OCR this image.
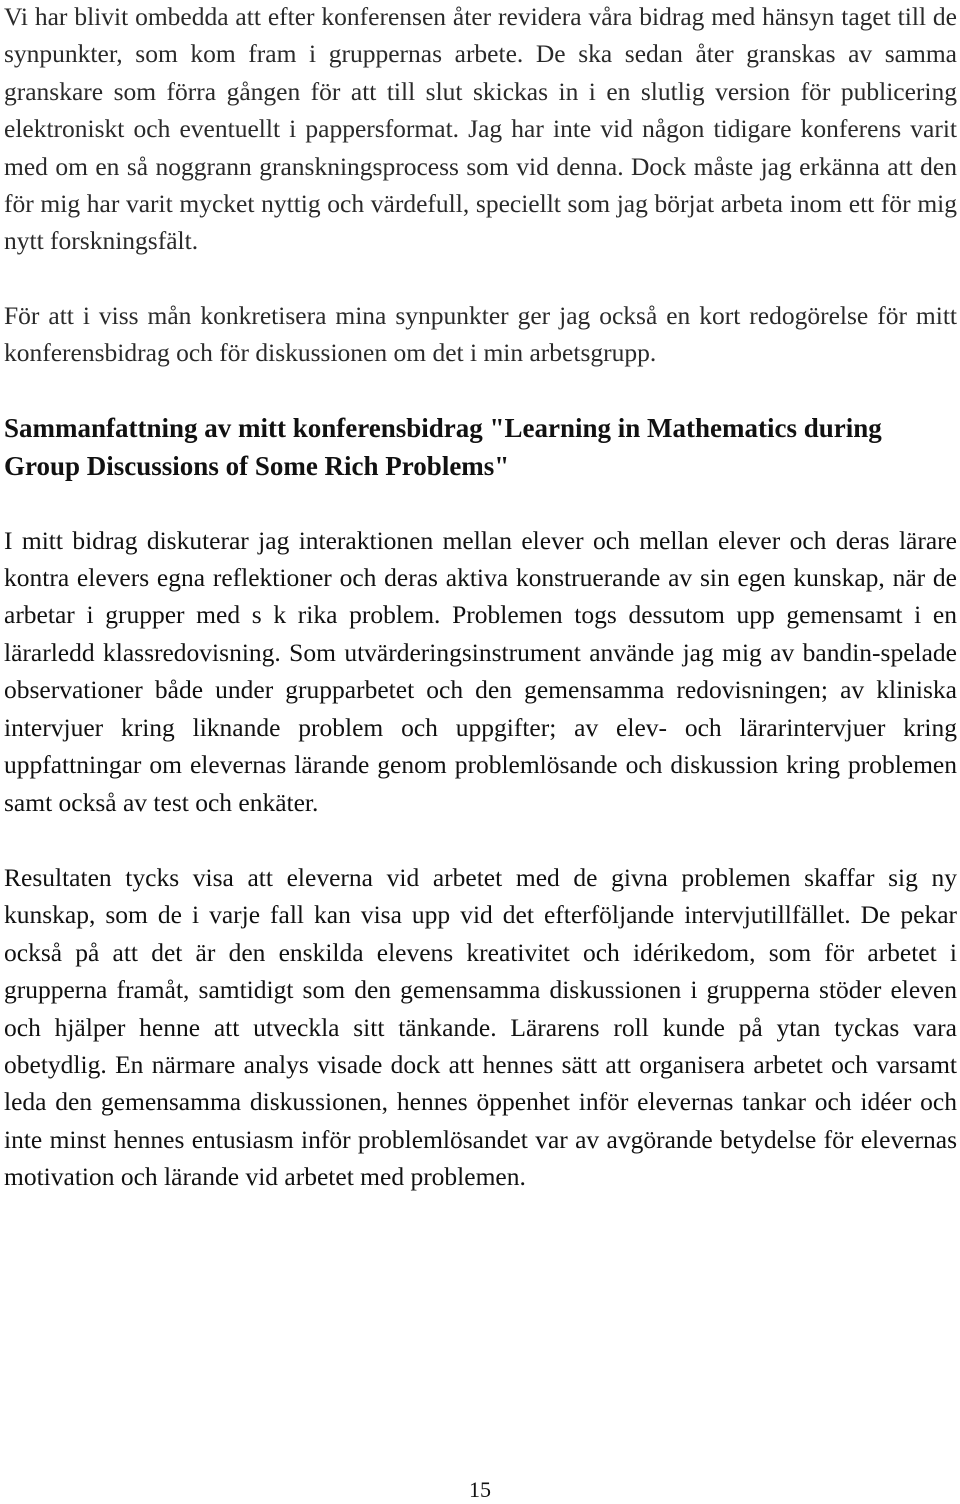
Vi har blivit ombedda att efter konferensen åter revidera våra bidrag med hänsyn taget till de synpunkter, som kom fram i gruppernas arbete. De ska sedan åter granskas av samma granskare som förra gången för att till slut skickas in i en slutlig version för publicering elektroniskt och eventuellt i pappersformat. Jag har inte vid någon tidigare konferens varit med om en så noggrann granskningsprocess som vid denna. Dock måste jag erkänna att den för mig har varit mycket nyttig och värdefull, speciellt som jag börjat arbeta inom ett för mig nytt forskningsfält.

För att i viss mån konkretisera mina synpunkter ger jag också en kort redogörelse för mitt konferensbidrag och för diskussionen om det i min arbetsgrupp.

Sammanfattning av mitt konferensbidrag "Learning in Mathematics during Group Discussions of Some Rich Problems"

I mitt bidrag diskuterar jag interaktionen mellan elever och mellan elever och deras lärare kontra elevers egna reflektioner och deras aktiva konstruerande av sin egen kunskap, när de arbetar i grupper med s k rika problem. Problemen togs dessutom upp gemensamt i en lärarledd klassredovisning. Som utvärderingsinstrument använde jag mig av bandin-spelade observationer både under grupparbetet och den gemensamma redovisningen; av kliniska intervjuer kring liknande problem och uppgifter; av elev- och lärarintervjuer kring uppfattningar om elevernas lärande genom problemlösande och diskussion kring problemen samt också av test och enkäter.

Resultaten tycks visa att eleverna vid arbetet med de givna problemen skaffar sig ny kunskap, som de i varje fall kan visa upp vid det efterföljande intervjutillfället. De pekar också på att det är den enskilda elevens kreativitet och idérikedom, som för arbetet i grupperna framåt, samtidigt som den gemensamma diskussionen i grupperna stöder eleven och hjälper henne att utveckla sitt tänkande. Lärarens roll kunde på ytan tyckas vara obetydlig. En närmare analys visade dock att hennes sätt att organisera arbetet och varsamt leda den gemensamma diskussionen, hennes öppenhet inför elevernas tankar och idéer och inte minst hennes entusiasm inför problemlösandet var av avgörande betydelse för elevernas motivation och lärande vid arbetet med problemen.

15
